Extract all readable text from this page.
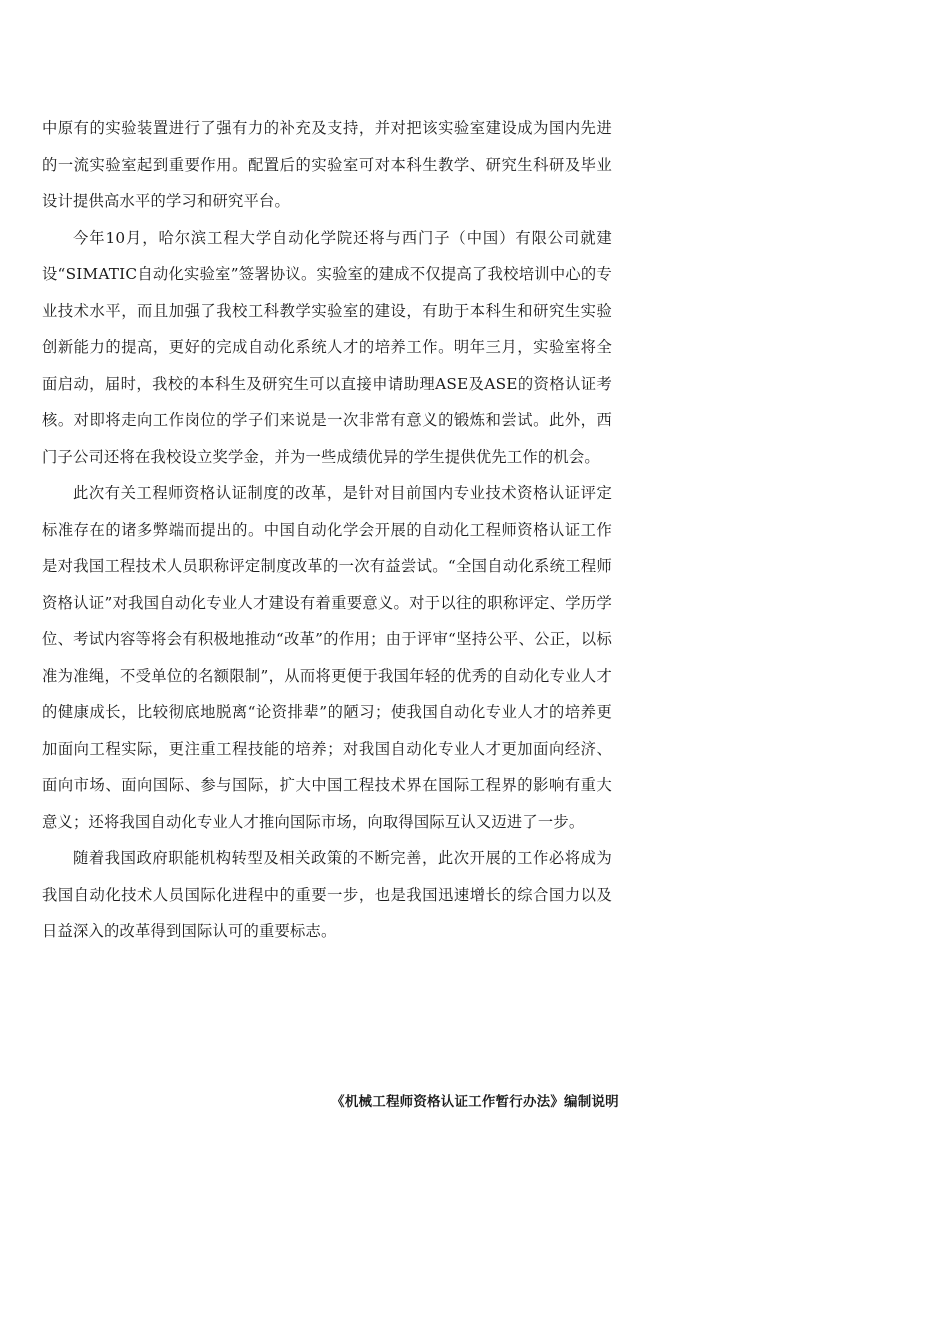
中原有的实验装置进行了强有力的补充及支持，并对把该实验室建设成为国内先进的一流实验室起到重要作用。配置后的实验室可对本科生教学、研究生科研及毕业设计提供高水平的学习和研究平台。

今年10月，哈尔滨工程大学自动化学院还将与西门子（中国）有限公司就建设“SIMATIC自动化实验室”签署协议。实验室的建成不仅提高了我校培训中心的专业技术水平，而且加强了我校工科教学实验室的建设，有助于本科生和研究生实验创新能力的提高，更好的完成自动化系统人才的培养工作。明年三月，实验室将全面启动，届时，我校的本科生及研究生可以直接申请助理ASE及ASE的资格认证考核。对即将走向工作岗位的学子们来说是一次非常有意义的锻炼和尝试。此外，西门子公司还将在我校设立奖学金，并为一些成绩优异的学生提供优先工作的机会。

此次有关工程师资格认证制度的改革，是针对目前国内专业技术资格认证评定标准存在的诸多弊端而提出的。中国自动化学会开展的自动化工程师资格认证工作是对我国工程技术人员职称评定制度改革的一次有益尝试。“全国自动化系统工程师资格认证”对我国自动化专业人才建设有着重要意义。对于以往的职称评定、学历学位、考试内容等将会有积极地推动“改革”的作用；由于评审“坚持公平、公正，以标准为准绳，不受单位的名额限制”，从而将更便于我国年轻的优秀的自动化专业人才的健康成长，比较彻底地脱离“论资排辈”的陋习；使我国自动化专业人才的培养更加面向工程实际，更注重工程技能的培养；对我国自动化专业人才更加面向经济、面向市场、面向国际、参与国际，扩大中国工程技术界在国际工程界的影响有重大意义；还将我国自动化专业人才推向国际市场，向取得国际互认又迈进了一步。

随着我国政府职能机构转型及相关政策的不断完善，此次开展的工作必将成为我国自动化技术人员国际化进程中的重要一步，也是我国迅速增长的综合国力以及日益深入的改革得到国际认可的重要标志。

《机械工程师资格认证工作暂行办法》编制说明
